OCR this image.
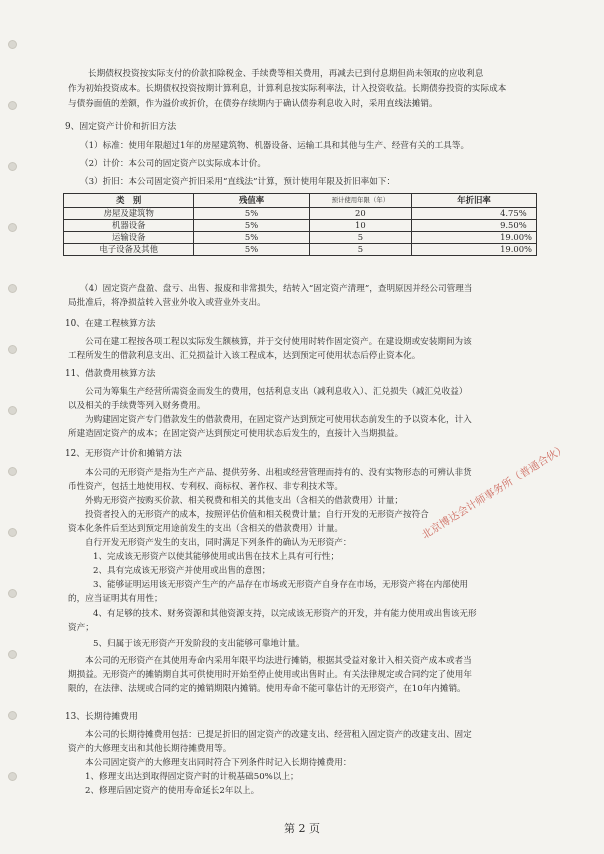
长期债权投资按实际支付的价款扣除税金、手续费等相关费用，再减去已到付息期但尚未领取的应收利息
作为初始投资成本。长期债权投资按期计算利息，计算利息按实际利率法，计入投资收益。长期债券投资的实际成本
与债券面值的差额，作为溢价或折价，在债券存续期内于确认债券利息收入时，采用直线法摊销。
9、固定资产计价和折旧方法
（1）标准：使用年限超过1年的房屋建筑物、机器设备、运输工具和其他与生产、经营有关的工具等。
（2）计价：本公司的固定资产以实际成本计价。
（3）折旧：本公司固定资产折旧采用“直线法”计算，预计使用年限及折旧率如下：
类　别	残值率	预计使用年限（年）	年折旧率
房屋及建筑物	5%	20	4.75%
机器设备	5%	10	9.50%
运输设备	5%	5	19.00%
电子设备及其他	5%	5	19.00%
（4）固定资产盘盈、盘亏、出售、报废和非常损失，结转入“固定资产清理”，查明原因并经公司管理当
局批准后，将净损益转入营业外收入或营业外支出。
10、在建工程核算方法
公司在建工程按各项工程以实际发生额核算，并于交付使用时转作固定资产。在建设期或安装期间为该
工程所发生的借款利息支出、汇兑损益计入该工程成本，达到预定可使用状态后停止资本化。
11、借款费用核算方法
公司为筹集生产经营所需资金而发生的费用，包括利息支出（减利息收入）、汇兑损失（减汇兑收益）
以及相关的手续费等列入财务费用。
为购建固定资产专门借款发生的借款费用，在固定资产达到预定可使用状态前发生的予以资本化，计入
所建造固定资产的成本；在固定资产达到预定可使用状态后发生的，直接计入当期损益。
12、无形资产计价和摊销方法
本公司的无形资产是指为生产产品、提供劳务、出租或经营管理而持有的、没有实物形态的可辨认非货
币性资产，包括土地使用权、专利权、商标权、著作权、非专利技术等。
外购无形资产按购买价款、相关税费和相关的其他支出（含相关的借款费用）计量；
投资者投入的无形资产的成本，按照评估价值和相关税费计量；自行开发的无形资产按符合
资本化条件后至达到预定用途前发生的支出（含相关的借款费用）计量。
自行开发无形资产发生的支出，同时满足下列条件的确认为无形资产：
1、完成该无形资产以使其能够使用或出售在技术上具有可行性；
2、具有完成该无形资产并使用或出售的意图；
3、能够证明运用该无形资产生产的产品存在市场或无形资产自身存在市场，无形资产将在内部使用
的，应当证明其有用性；
4、有足够的技术、财务资源和其他资源支持，以完成该无形资产的开发，并有能力使用或出售该无形
资产；
5、归属于该无形资产开发阶段的支出能够可靠地计量。
本公司的无形资产在其使用寿命内采用年限平均法进行摊销，根据其受益对象计入相关资产成本或者当
期损益。无形资产的摊销期自其可供使用时开始至停止使用或出售时止。有关法律规定或合同约定了使用年
限的，在法律、法规或合同约定的摊销期限内摊销。使用寿命不能可靠估计的无形资产，在10年内摊销。
北京博达会计师事务所（普通合伙）
13、长期待摊费用
本公司的长期待摊费用包括：已提足折旧的固定资产的改建支出、经营租入固定资产的改建支出、固定
资产的大修理支出和其他长期待摊费用等。
本公司固定资产的大修理支出同时符合下列条件时记入长期待摊费用：
1、修理支出达到取得固定资产时的计税基础50%以上；
2、修理后固定资产的使用寿命延长2年以上。
第 2 页
